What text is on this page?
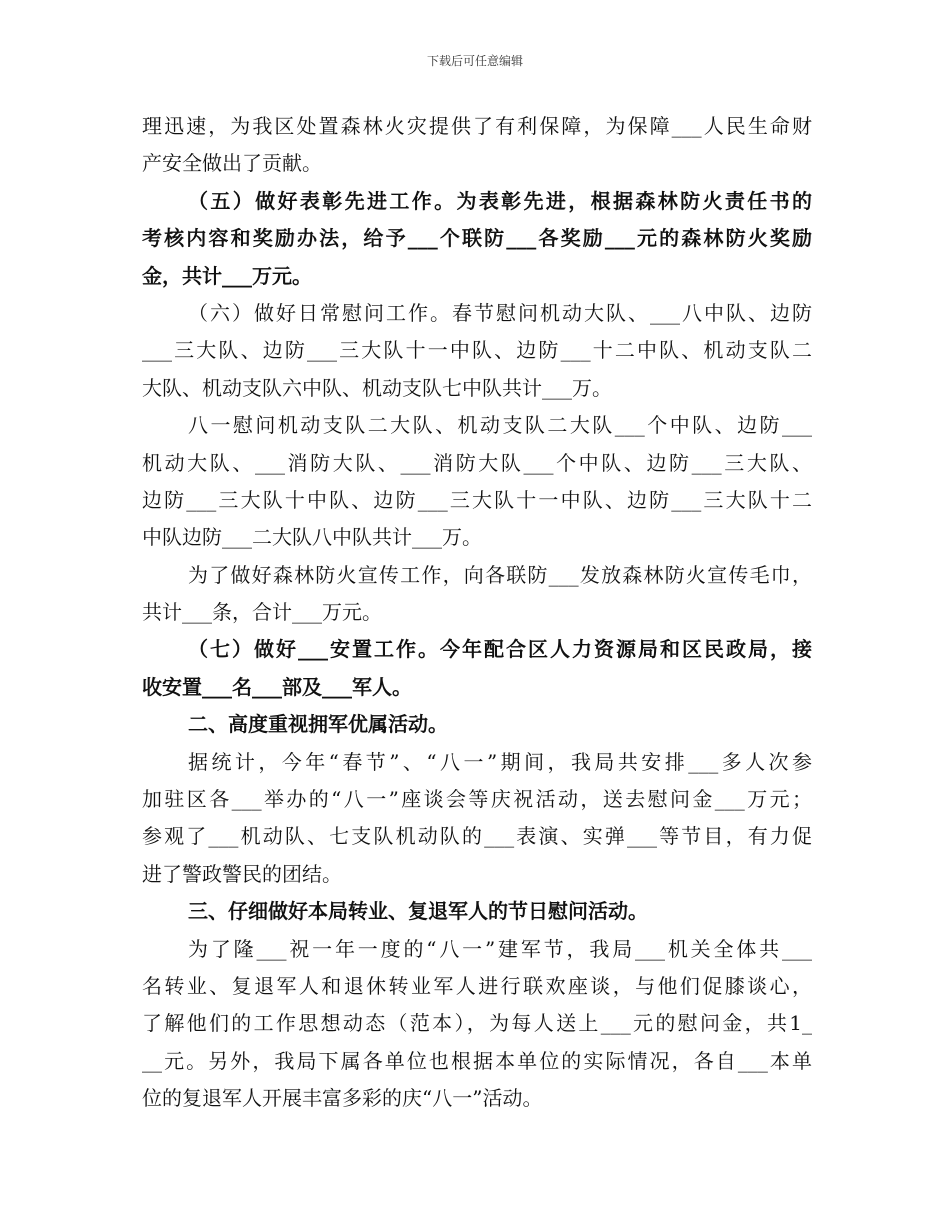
下载后可任意编辑
理迅速，为我区处置森林火灾提供了有利保障，为保障___人民生命财
产安全做出了贡献。
（五）做好表彰先进工作。为表彰先进，根据森林防火责任书的
考核内容和奖励办法，给予___个联防___各奖励___元的森林防火奖励
金，共计___万元。
（六）做好日常慰问工作。春节慰问机动大队、___八中队、边防
___三大队、边防___三大队十一中队、边防___十二中队、机动支队二
大队、机动支队六中队、机动支队七中队共计___万。
八一慰问机动支队二大队、机动支队二大队___个中队、边防___
机动大队、___消防大队、___消防大队___个中队、边防___三大队、
边防___三大队十中队、边防___三大队十一中队、边防___三大队十二
中队边防___二大队八中队共计___万。
为了做好森林防火宣传工作，向各联防___发放森林防火宣传毛巾，
共计___条，合计___万元。
（七）做好___安置工作。今年配合区人力资源局和区民政局，接
收安置___名___部及___军人。
二、高度重视拥军优属活动。
据统计，今年“春节”、“八一”期间，我局共安排___多人次参
加驻区各___举办的“八一”座谈会等庆祝活动，送去慰问金___万元；
参观了___机动队、七支队机动队的___表演、实弹___等节目，有力促
进了警政警民的团结。
三、仔细做好本局转业、复退军人的节日慰问活动。
为了隆___祝一年一度的“八一”建军节，我局___机关全体共___
名转业、复退军人和退休转业军人进行联欢座谈，与他们促膝谈心，
了解他们的工作思想动态（范本），为每人送上___元的慰问金，共1_
__元。另外，我局下属各单位也根据本单位的实际情况，各自___本单
位的复退军人开展丰富多彩的庆“八一”活动。
